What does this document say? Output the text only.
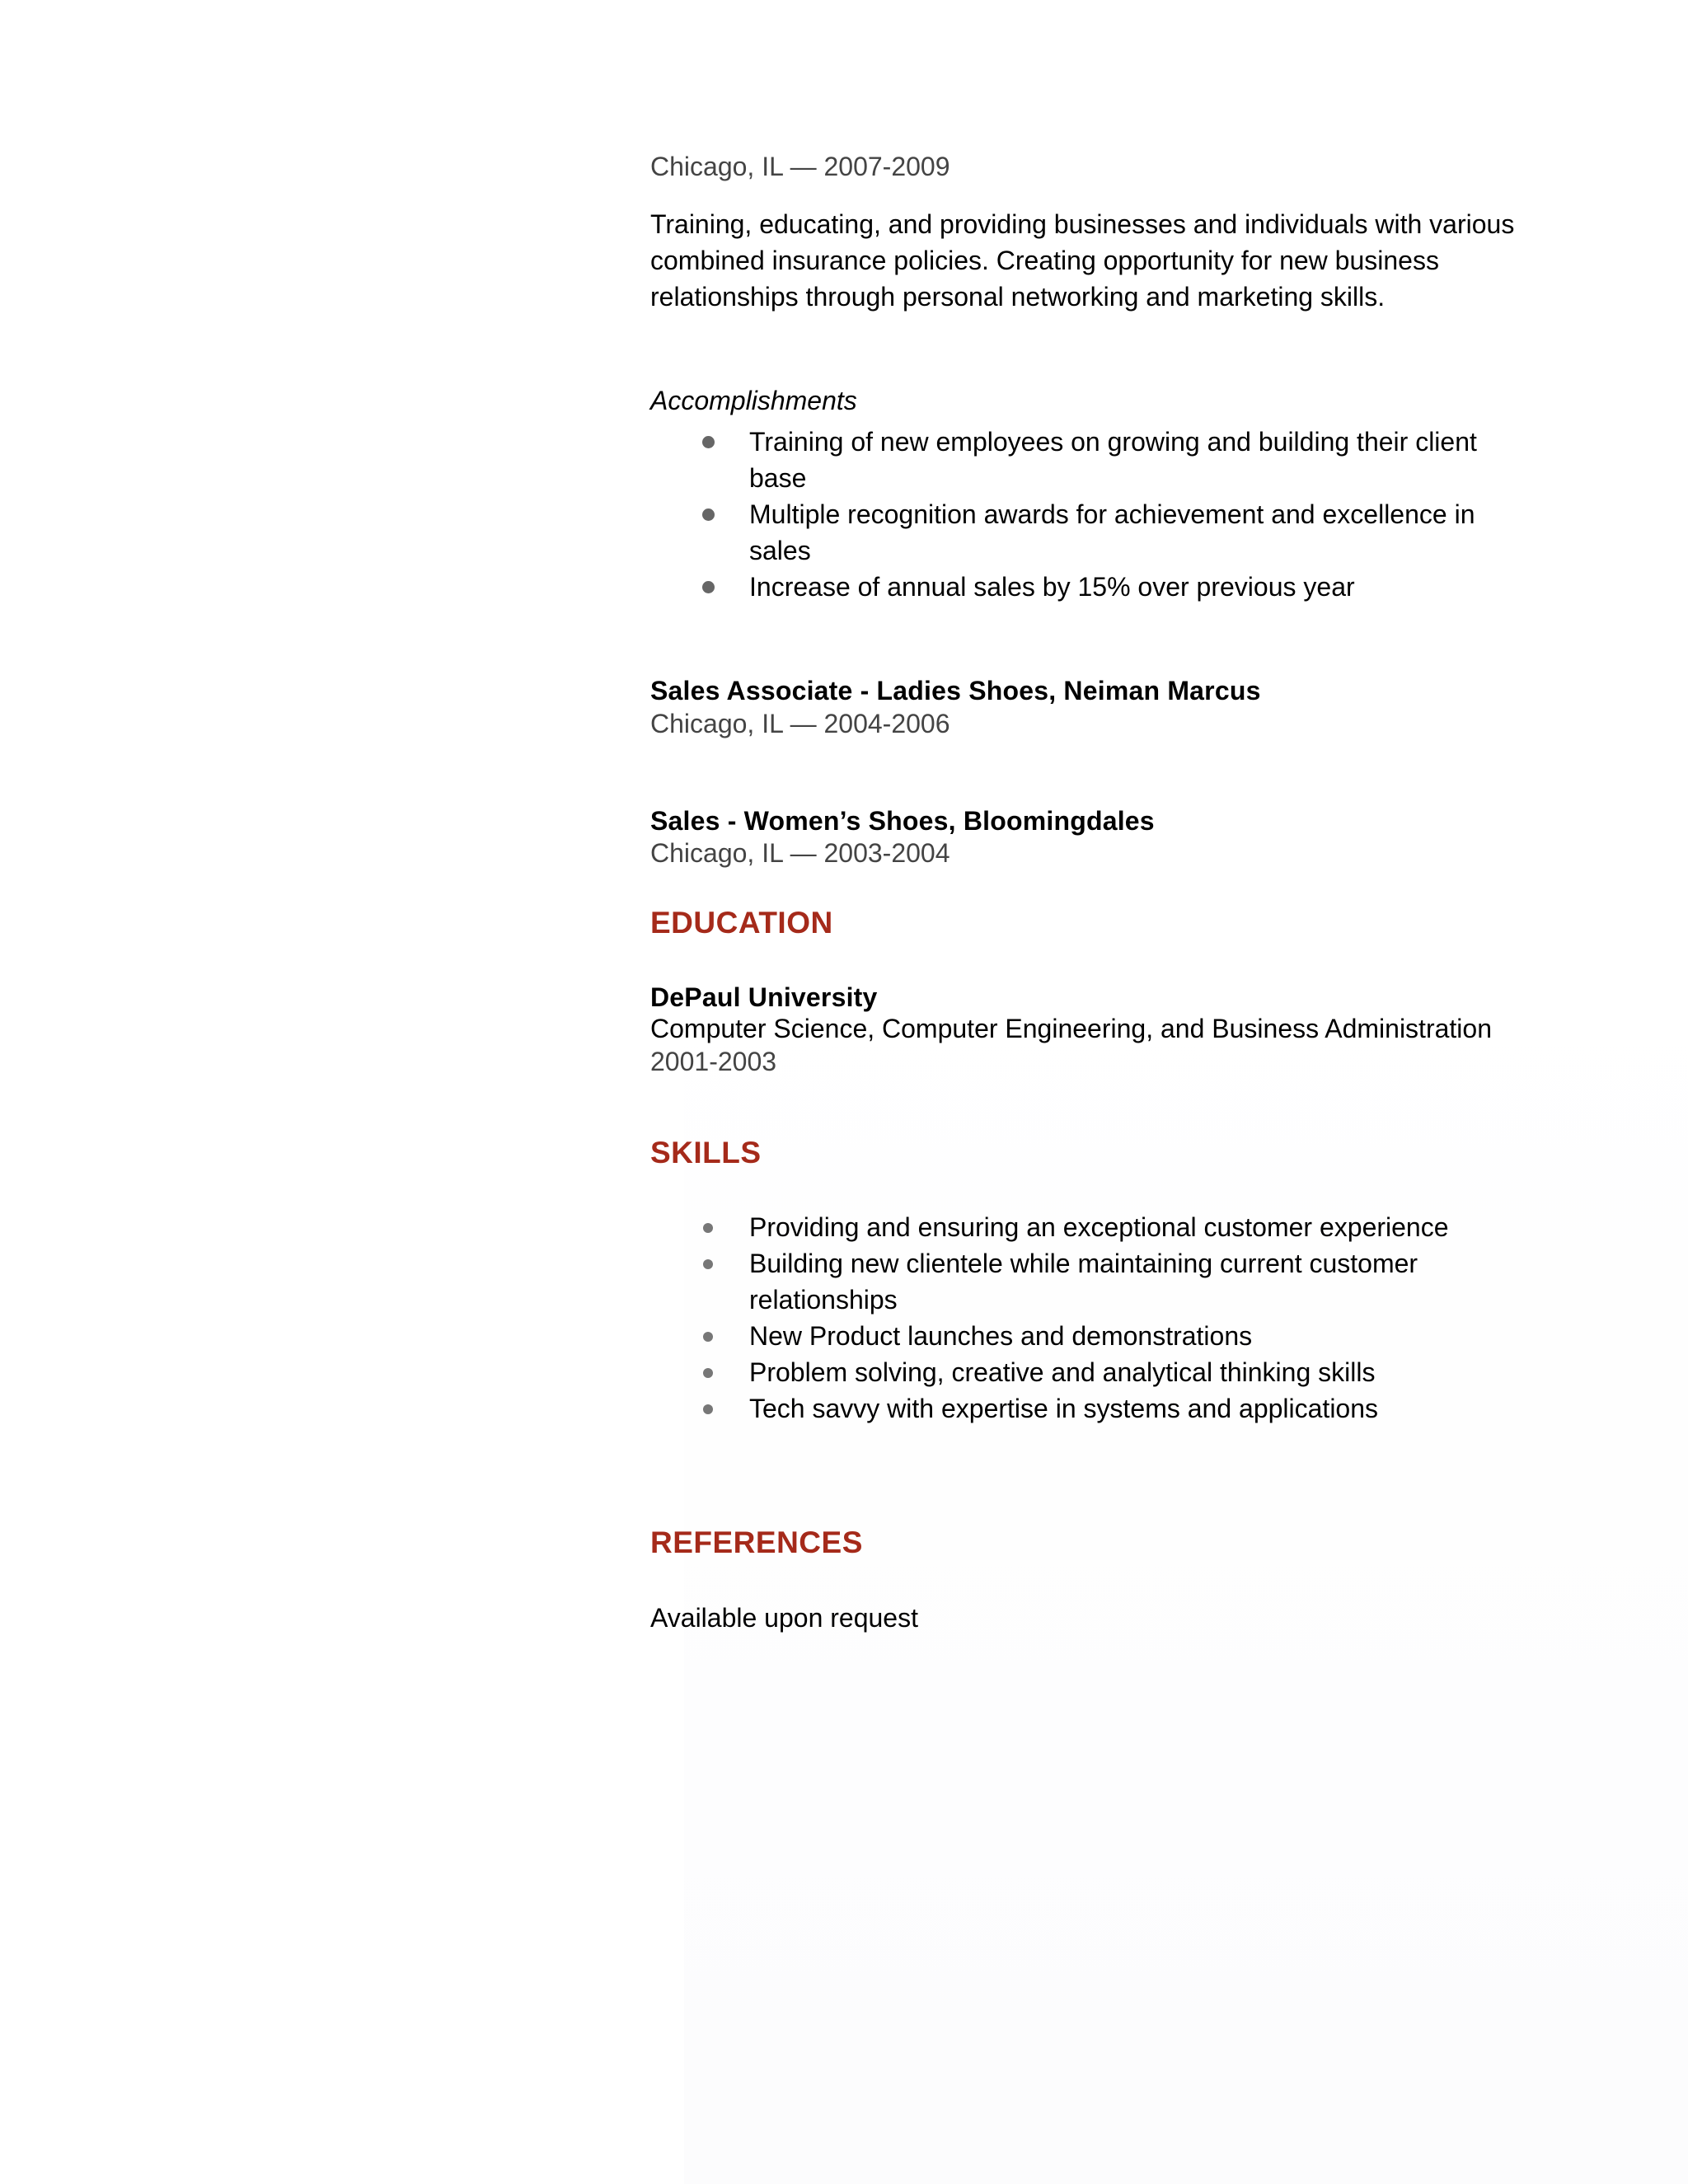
Chicago, IL — 2007-2009
Training, educating, and providing businesses and individuals with various combined insurance policies. Creating opportunity for new business relationships through personal networking and marketing skills.
Accomplishments
Training of new employees on growing and building their client base
Multiple recognition awards for achievement and excellence in sales
Increase of annual sales by 15% over previous year
Sales Associate - Ladies Shoes, Neiman Marcus
Chicago, IL — 2004-2006
Sales - Women’s Shoes, Bloomingdales
Chicago, IL — 2003-2004
EDUCATION
DePaul University
Computer Science, Computer Engineering, and Business Administration
2001-2003
SKILLS
Providing and ensuring an exceptional customer experience
Building new clientele while maintaining current customer relationships
New Product launches and demonstrations
Problem solving, creative and analytical thinking skills
Tech savvy with expertise in systems and applications
REFERENCES
Available upon request
